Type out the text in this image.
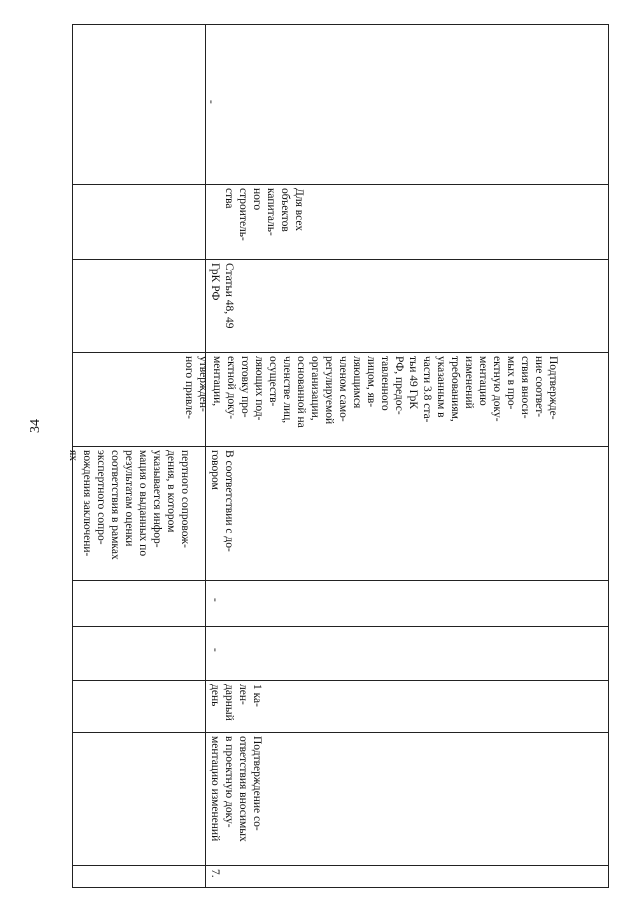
34
пертного сопровож-
дения, в котором
указывается инфор-
мация о выданных по
результатам оценки
соответствия в рамках
экспертного сопро-
вождения заключени-
ях
-
7.
Подтверждение со-
ответствия вносимых
в проектную доку-
ментацию изменений
1 ка-
лен-
дарный
день
-
-
В соответствии с до-
говором
Подтвержде-
ние соответ-
ствия вноси-
мых в про-
ектную доку-
ментацию
изменений
требованиям,
указанным в
части 3.8 ста-
тьи 49 ГрК
РФ, предос-
тавленного
лицом, яв-
ляющимся
членом само-
регулируемой
организации,
основанной на
членстве лиц,
осуществ-
ляющих под-
готовку про-
ектной доку-
ментации,
утвержден-
ного привле-
Статьи 48, 49
ГрК РФ
Для всех
объектов
капиталь-
ного
строитель-
ства
